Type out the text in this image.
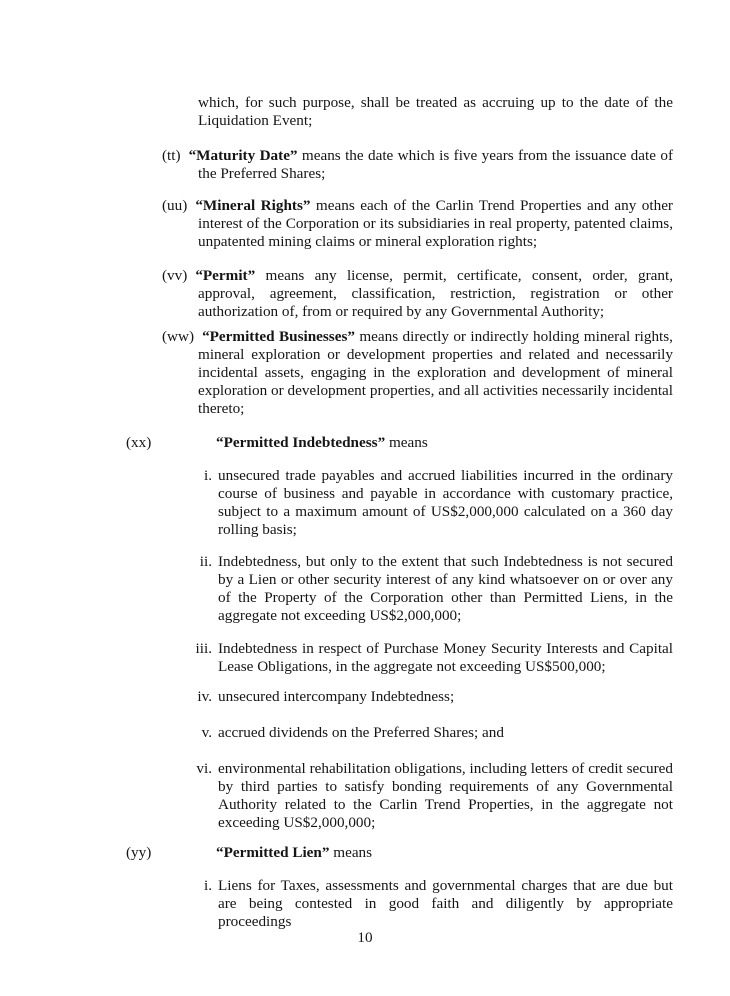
which, for such purpose, shall be treated as accruing up to the date of the Liquidation Event;

(tt) “Maturity Date” means the date which is five years from the issuance date of the Preferred Shares;

(uu) “Mineral Rights” means each of the Carlin Trend Properties and any other interest of the Corporation or its subsidiaries in real property, patented claims, unpatented mining claims or mineral exploration rights;

(vv) “Permit” means any license, permit, certificate, consent, order, grant, approval, agreement, classification, restriction, registration or other authorization of, from or required by any Governmental Authority;

(ww) “Permitted Businesses” means directly or indirectly holding mineral rights, mineral exploration or development properties and related and necessarily incidental assets, engaging in the exploration and development of mineral exploration or development properties, and all activities necessarily incidental thereto;

(xx)	“Permitted Indebtedness” means

i. unsecured trade payables and accrued liabilities incurred in the ordinary course of business and payable in accordance with customary practice, subject to a maximum amount of US$2,000,000 calculated on a 360 day rolling basis;
ii. Indebtedness, but only to the extent that such Indebtedness is not secured by a Lien or other security interest of any kind whatsoever on or over any of the Property of the Corporation other than Permitted Liens, in the aggregate not exceeding US$2,000,000;
iii. Indebtedness in respect of Purchase Money Security Interests and Capital Lease Obligations, in the aggregate not exceeding US$500,000;
iv. unsecured intercompany Indebtedness;
v. accrued dividends on the Preferred Shares; and
vi. environmental rehabilitation obligations, including letters of credit secured by third parties to satisfy bonding requirements of any Governmental Authority related to the Carlin Trend Properties, in the aggregate not exceeding US$2,000,000;

(yy)	“Permitted Lien” means

i. Liens for Taxes, assessments and governmental charges that are due but are being contested in good faith and diligently by appropriate proceedings
10
